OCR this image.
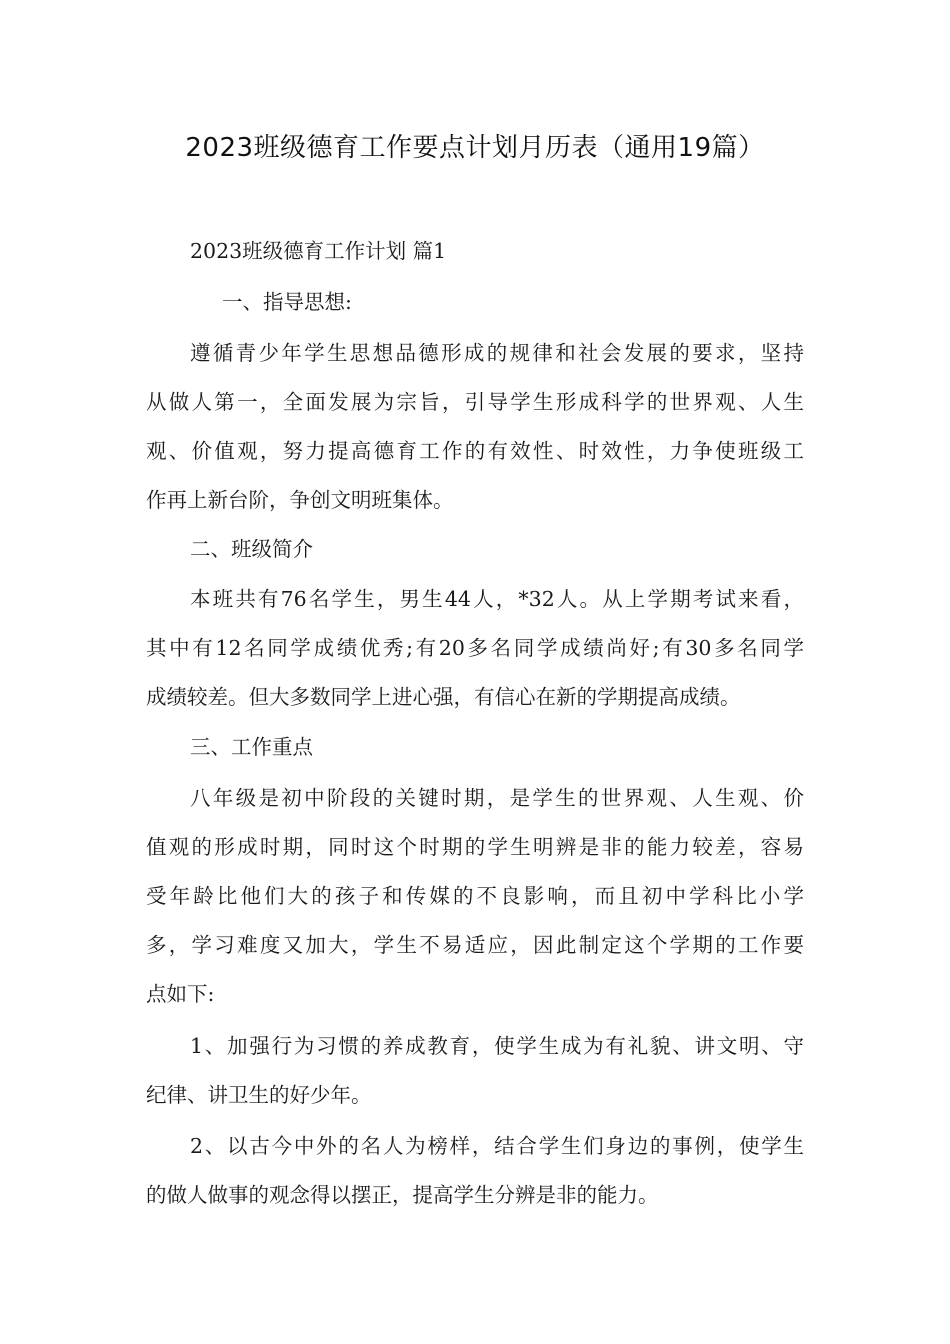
2023班级德育工作要点计划月历表（通用19篇）
2023班级德育工作计划 篇1
一、指导思想:
遵循青少年学生思想品德形成的规律和社会发展的要求，坚持
从做人第一，全面发展为宗旨，引导学生形成科学的世界观、人生
观、价值观，努力提高德育工作的有效性、时效性，力争使班级工
作再上新台阶，争创文明班集体。
二、班级简介
本班共有76名学生，男生44人，*32人。从上学期考试来看，
其中有12名同学成绩优秀;有20多名同学成绩尚好;有30多名同学
成绩较差。但大多数同学上进心强，有信心在新的学期提高成绩。
三、工作重点
八年级是初中阶段的关键时期，是学生的世界观、人生观、价
值观的形成时期，同时这个时期的学生明辨是非的能力较差，容易
受年龄比他们大的孩子和传媒的不良影响，而且初中学科比小学
多，学习难度又加大，学生不易适应，因此制定这个学期的工作要
点如下:
1、加强行为习惯的养成教育，使学生成为有礼貌、讲文明、守
纪律、讲卫生的好少年。
2、以古今中外的名人为榜样，结合学生们身边的事例，使学生
的做人做事的观念得以摆正，提高学生分辨是非的能力。
